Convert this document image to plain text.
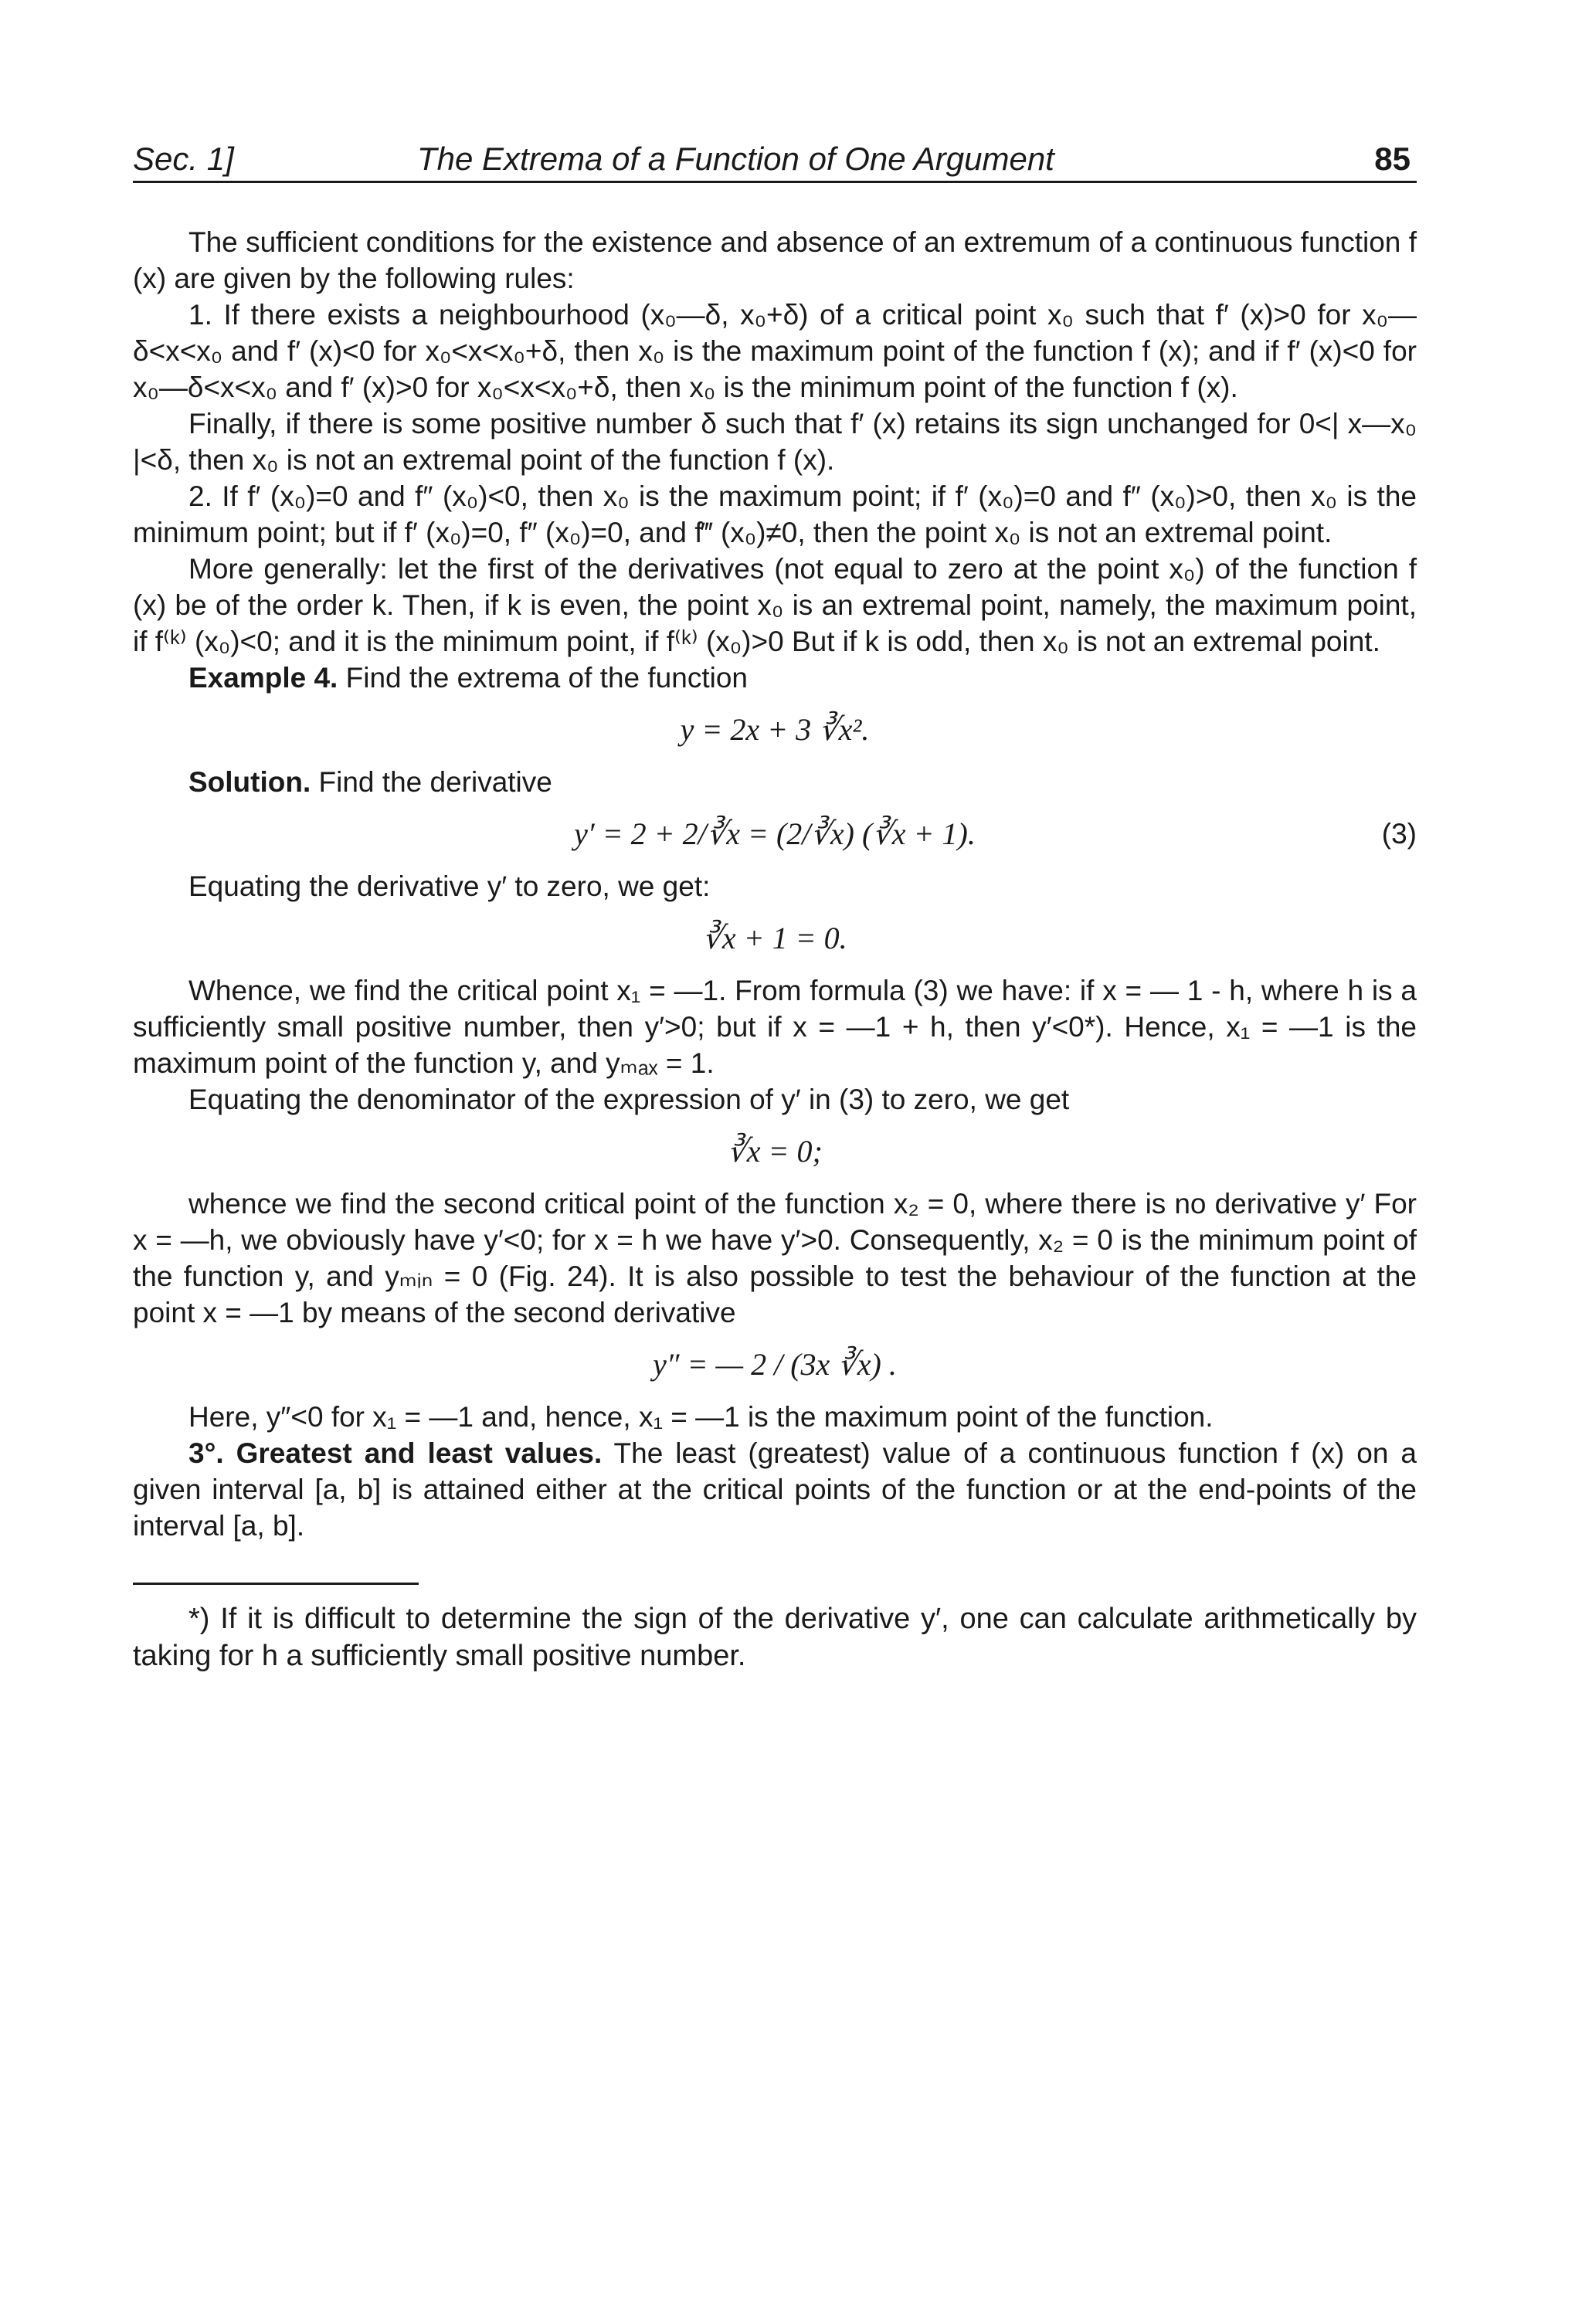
Sec. 1]	The Extrema of a Function of One Argument	85

The sufficient conditions for the existence and absence of an extremum of a continuous function f (x) are given by the following rules:

1. If there exists a neighbourhood (x₀—δ, x₀+δ) of a critical point x₀ such that f′ (x)>0 for x₀—δ<x<x₀ and f′ (x)<0 for x₀<x<x₀+δ, then x₀ is the maximum point of the function f (x); and if f′ (x)<0 for x₀—δ<x<x₀ and f′ (x)>0 for x₀<x<x₀+δ, then x₀ is the minimum point of the function f (x).

Finally, if there is some positive number δ such that f′ (x) retains its sign unchanged for 0<| x—x₀ |<δ, then x₀ is not an extremal point of the function f (x).

2. If f′ (x₀)=0 and f″ (x₀)<0, then x₀ is the maximum point; if f′ (x₀)=0 and f″ (x₀)>0, then x₀ is the minimum point; but if f′ (x₀)=0, f″ (x₀)=0, and f‴ (x₀)≠0, then the point x₀ is not an extremal point.

More generally: let the first of the derivatives (not equal to zero at the point x₀) of the function f (x) be of the order k. Then, if k is even, the point x₀ is an extremal point, namely, the maximum point, if f⁽ᵏ⁾ (x₀)<0; and it is the minimum point, if f⁽ᵏ⁾ (x₀)>0 But if k is odd, then x₀ is not an extremal point.

Example 4. Find the extrema of the function

y = 2x + 3 ∛x².

Solution. Find the derivative

y′ = 2 + 2/∛x = (2/∛x) (∛x + 1).	(3)

Equating the derivative y′ to zero, we get:

∛x + 1 = 0.

Whence, we find the critical point x₁ = —1. From formula (3) we have: if x = — 1 - h, where h is a sufficiently small positive number, then y′>0; but if x = —1 + h, then y′<0*). Hence, x₁ = —1 is the maximum point of the function y, and yₘₐₓ = 1.

Equating the denominator of the expression of y′ in (3) to zero, we get

∛x = 0;

whence we find the second critical point of the function x₂ = 0, where there is no derivative y′ For x = —h, we obviously have y′<0; for x = h we have y′>0. Consequently, x₂ = 0 is the minimum point of the function y, and yₘᵢₙ = 0 (Fig. 24). It is also possible to test the behaviour of the function at the point x = —1 by means of the second derivative

y″ = — 2 / (3x ∛x) .

Here, y″<0 for x₁ = —1 and, hence, x₁ = —1 is the maximum point of the function.

3°. Greatest and least values. The least (greatest) value of a continuous function f (x) on a given interval [a, b] is attained either at the critical points of the function or at the end-points of the interval [a, b].

*) If it is difficult to determine the sign of the derivative y′, one can calculate arithmetically by taking for h a sufficiently small positive number.
